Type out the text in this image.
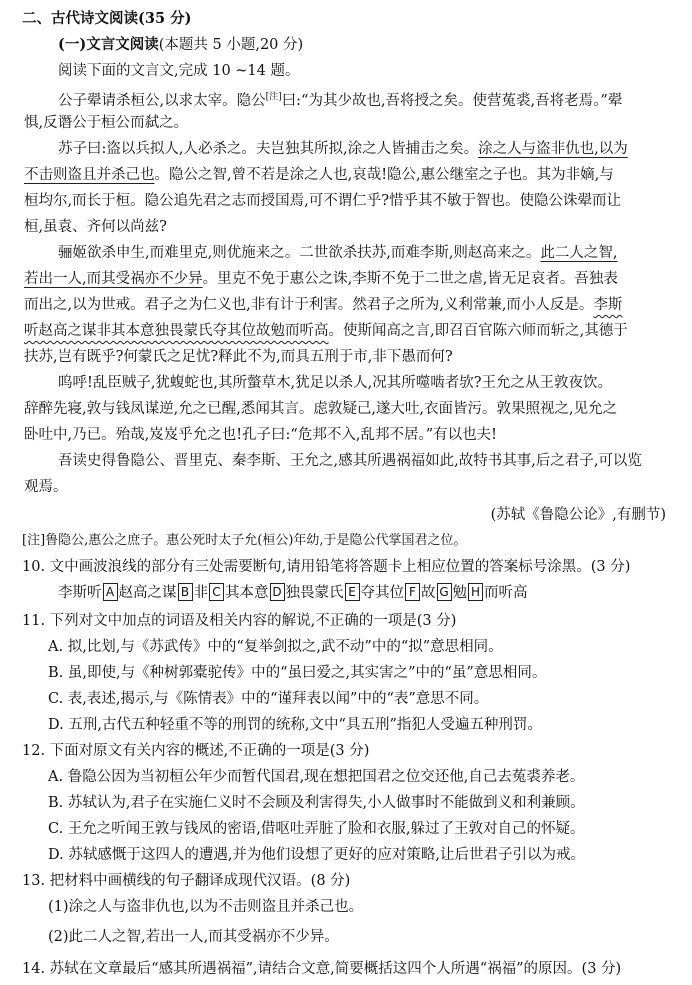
二、古代诗文阅读(35 分)
(一)文言文阅读(本题共 5 小题,20 分)
阅读下面的文言文,完成 10 ~14 题。
公子翚请杀桓公,以求太宰。隐公[注]曰:“为其少故也,吾将授之矣。使营菟裘,吾将老焉。”翚
惧,反谮公于桓公而弑之。
苏子曰:盗以兵拟人,人必杀之。夫岂独其所拟,涂之人皆捕击之矣。涂之人与盗非仇也,以为
不击则盗且并杀己也。隐公之智,曾不若是涂之人也,哀哉!隐公,惠公继室之子也。其为非嫡,与
桓均尔,而长于桓。隐公追先君之志而授国焉,可不谓仁乎?惜乎其不敏于智也。使隐公诛翚而让
桓,虽袁、齐何以尚兹?
骊姬欲杀申生,而难里克,则优施来之。二世欲杀扶苏,而难李斯,则赵高来之。此二人之智,
若出一人,而其受祸亦不少异。里克不免于惠公之诛,李斯不免于二世之虐,皆无足哀者。吾独表
而出之,以为世戒。君子之为仁义也,非有计于利害。然君子之所为,义利常兼,而小人反是。李斯
听赵高之谋非其本意独畏蒙氏夺其位故勉而听高。使斯闻高之言,即召百官陈六师而斩之,其德于
扶苏,岂有既乎?何蒙氏之足忧?释此不为,而具五刑于市,非下愚而何?
呜呼!乱臣贼子,犹蝮蛇也,其所螫草木,犹足以杀人,况其所噬啮者欤?王允之从王敦夜饮。
辞醉先寝,敦与钱凤谋逆,允之已醒,悉闻其言。虑敦疑己,遂大吐,衣面皆污。敦果照视之,见允之
卧吐中,乃已。殆哉,岌岌乎允之也!孔子曰:“危邦不入,乱邦不居。”有以也夫!
吾读史得鲁隐公、晋里克、秦李斯、王允之,感其所遇祸福如此,故特书其事,后之君子,可以览
观焉。
(苏轼《鲁隐公论》,有删节)
[注]鲁隐公,惠公之庶子。惠公死时太子允(桓公)年幼,于是隐公代掌国君之位。
10. 文中画波浪线的部分有三处需要断句,请用铅笔将答题卡上相应位置的答案标号涂黑。(3 分)
李斯听 A 赵高之谋 B 非 C 其本意 D 独畏蒙氏 E 夺其位 F 故 G 勉 H 而听高
11. 下列对文中加点的词语及相关内容的解说,不正确的一项是(3 分)
A. 拟,比划,与《苏武传》中的“复举剑拟之,武不动”中的“拟”意思相同。
B. 虽,即使,与《种树郭橐驼传》中的“虽曰爱之,其实害之”中的“虽”意思相同。
C. 表,表述,揭示,与《陈情表》中的“谨拜表以闻”中的“表”意思不同。
D. 五刑,古代五种轻重不等的刑罚的统称,文中“具五刑”指犯人受遍五种刑罚。
12. 下面对原文有关内容的概述,不正确的一项是(3 分)
A. 鲁隐公因为当初桓公年少而暂代国君,现在想把国君之位交还他,自己去菟裘养老。
B. 苏轼认为,君子在实施仁义时不会顾及利害得失,小人做事时不能做到义和利兼顾。
C. 王允之听闻王敦与钱凤的密语,借呕吐弄脏了脸和衣服,躲过了王敦对自己的怀疑。
D. 苏轼感慨于这四人的遭遇,并为他们设想了更好的应对策略,让后世君子引以为戒。
13. 把材料中画横线的句子翻译成现代汉语。(8 分)
(1)涂之人与盗非仇也,以为不击则盗且并杀己也。
(2)此二人之智,若出一人,而其受祸亦不少异。
14. 苏轼在文章最后“感其所遇祸福”,请结合文意,简要概括这四个人所遇“祸福”的原因。(3 分)
